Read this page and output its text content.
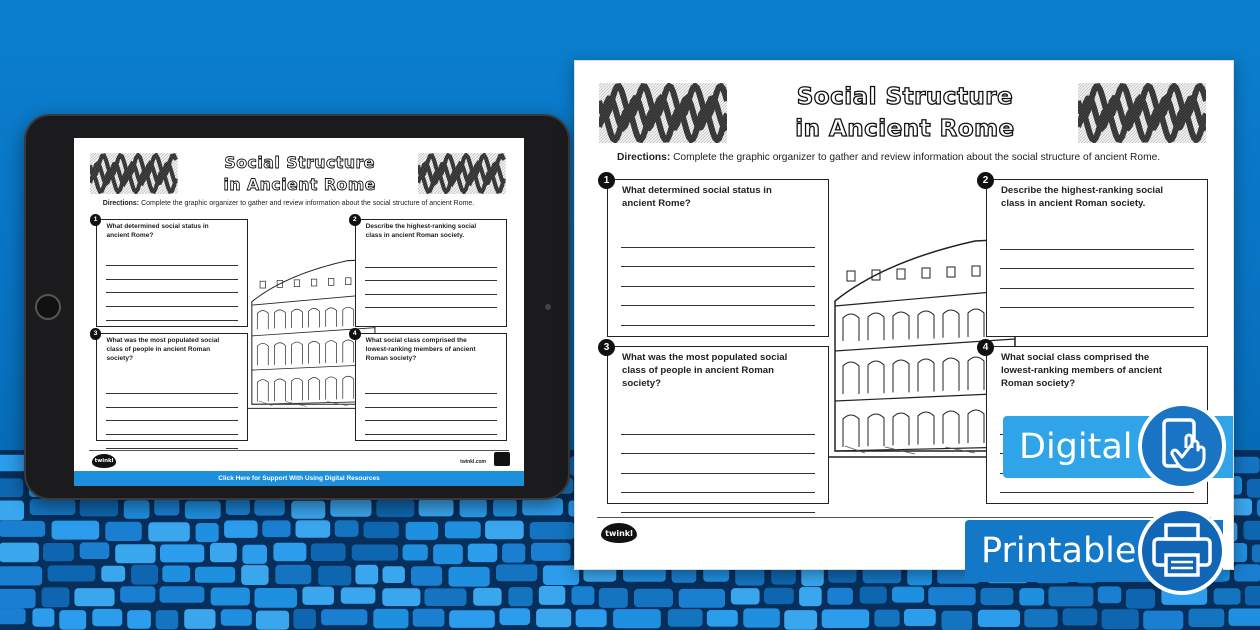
Social Structure
in Ancient Rome
Directions: Complete the graphic organizer to gather and review information about the social structure of ancient Rome.
What determined social status in ancient Rome?
1
Describe the highest-ranking social class in ancient Roman society.
2
What was the most populated social class of people in ancient Roman society?
3
What social class comprised the lowest-ranking members of ancient Roman society?
4
twinkl	twinkl.com
Click Here for Support With Using Digital Resources
Social Structure
in Ancient Rome
Directions: Complete the graphic organizer to gather and review information about the social structure of ancient Rome.
What determined social status in ancient Rome?
1
Describe the highest-ranking social class in ancient Roman society.
2
What was the most populated social class of people in ancient Roman society?
3
What social class comprised the lowest-ranking members of ancient Roman society?
4
twinkl
Digital
Printable
